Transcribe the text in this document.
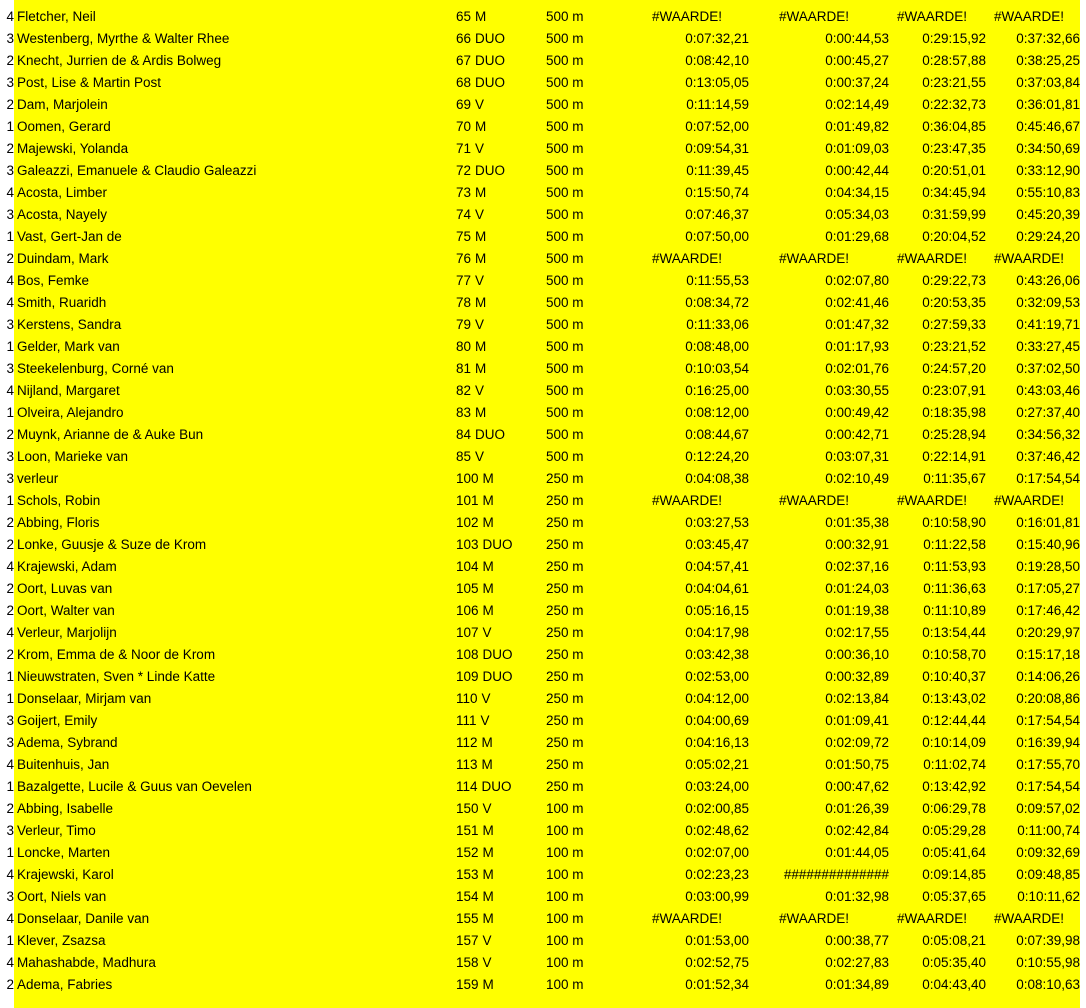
4 Fletcher, Neil	65 M	500 m	#WAARDE!	#WAARDE!	#WAARDE!	#WAARDE!
3 Westenberg, Myrthe & Walter Rhee	66 DUO	500 m	0:07:32,21	0:00:44,53	0:29:15,92	0:37:32,66
2 Knecht, Jurrien de & Ardis Bolweg	67 DUO	500 m	0:08:42,10	0:00:45,27	0:28:57,88	0:38:25,25
3 Post, Lise & Martin Post	68 DUO	500 m	0:13:05,05	0:00:37,24	0:23:21,55	0:37:03,84
2 Dam, Marjolein	69 V	500 m	0:11:14,59	0:02:14,49	0:22:32,73	0:36:01,81
1 Oomen, Gerard	70 M	500 m	0:07:52,00	0:01:49,82	0:36:04,85	0:45:46,67
2 Majewski, Yolanda	71 V	500 m	0:09:54,31	0:01:09,03	0:23:47,35	0:34:50,69
3 Galeazzi, Emanuele & Claudio Galeazzi	72 DUO	500 m	0:11:39,45	0:00:42,44	0:20:51,01	0:33:12,90
4 Acosta, Limber	73 M	500 m	0:15:50,74	0:04:34,15	0:34:45,94	0:55:10,83
3 Acosta, Nayely	74 V	500 m	0:07:46,37	0:05:34,03	0:31:59,99	0:45:20,39
1 Vast, Gert-Jan de	75 M	500 m	0:07:50,00	0:01:29,68	0:20:04,52	0:29:24,20
2 Duindam, Mark	76 M	500 m	#WAARDE!	#WAARDE!	#WAARDE!	#WAARDE!
4 Bos, Femke	77 V	500 m	0:11:55,53	0:02:07,80	0:29:22,73	0:43:26,06
4 Smith, Ruaridh	78 M	500 m	0:08:34,72	0:02:41,46	0:20:53,35	0:32:09,53
3 Kerstens, Sandra	79 V	500 m	0:11:33,06	0:01:47,32	0:27:59,33	0:41:19,71
1 Gelder, Mark van	80 M	500 m	0:08:48,00	0:01:17,93	0:23:21,52	0:33:27,45
3 Steekelenburg, Corné van	81 M	500 m	0:10:03,54	0:02:01,76	0:24:57,20	0:37:02,50
4 Nijland, Margaret	82 V	500 m	0:16:25,00	0:03:30,55	0:23:07,91	0:43:03,46
1 Olveira, Alejandro	83 M	500 m	0:08:12,00	0:00:49,42	0:18:35,98	0:27:37,40
2 Muynk, Arianne de & Auke Bun	84 DUO	500 m	0:08:44,67	0:00:42,71	0:25:28,94	0:34:56,32
3 Loon, Marieke van	85 V	500 m	0:12:24,20	0:03:07,31	0:22:14,91	0:37:46,42
3 verleur	100 M	250 m	0:04:08,38	0:02:10,49	0:11:35,67	0:17:54,54
1 Schols, Robin	101 M	250 m	#WAARDE!	#WAARDE!	#WAARDE!	#WAARDE!
2 Abbing, Floris	102 M	250 m	0:03:27,53	0:01:35,38	0:10:58,90	0:16:01,81
2 Lonke, Guusje & Suze de Krom	103 DUO	250 m	0:03:45,47	0:00:32,91	0:11:22,58	0:15:40,96
4 Krajewski, Adam	104 M	250 m	0:04:57,41	0:02:37,16	0:11:53,93	0:19:28,50
2 Oort, Luvas van	105 M	250 m	0:04:04,61	0:01:24,03	0:11:36,63	0:17:05,27
2 Oort, Walter van	106 M	250 m	0:05:16,15	0:01:19,38	0:11:10,89	0:17:46,42
4 Verleur, Marjolijn	107 V	250 m	0:04:17,98	0:02:17,55	0:13:54,44	0:20:29,97
2 Krom, Emma de & Noor de Krom	108 DUO	250 m	0:03:42,38	0:00:36,10	0:10:58,70	0:15:17,18
1 Nieuwstraten, Sven * Linde Katte	109 DUO	250 m	0:02:53,00	0:00:32,89	0:10:40,37	0:14:06,26
1 Donselaar, Mirjam van	110 V	250 m	0:04:12,00	0:02:13,84	0:13:43,02	0:20:08,86
3 Goijert, Emily	111 V	250 m	0:04:00,69	0:01:09,41	0:12:44,44	0:17:54,54
3 Adema, Sybrand	112 M	250 m	0:04:16,13	0:02:09,72	0:10:14,09	0:16:39,94
4 Buitenhuis, Jan	113 M	250 m	0:05:02,21	0:01:50,75	0:11:02,74	0:17:55,70
1 Bazalgette, Lucile & Guus van Oevelen	114 DUO	250 m	0:03:24,00	0:00:47,62	0:13:42,92	0:17:54,54
2 Abbing, Isabelle	150 V	100 m	0:02:00,85	0:01:26,39	0:06:29,78	0:09:57,02
3 Verleur, Timo	151 M	100 m	0:02:48,62	0:02:42,84	0:05:29,28	0:11:00,74
1 Loncke, Marten	152 M	100 m	0:02:07,00	0:01:44,05	0:05:41,64	0:09:32,69
4 Krajewski, Karol	153 M	100 m	0:02:23,23	##############	0:09:14,85	0:09:48,85
3 Oort, Niels van	154 M	100 m	0:03:00,99	0:01:32,98	0:05:37,65	0:10:11,62
4 Donselaar, Danile van	155 M	100 m	#WAARDE!	#WAARDE!	#WAARDE!	#WAARDE!
1 Klever, Zsazsa	157 V	100 m	0:01:53,00	0:00:38,77	0:05:08,21	0:07:39,98
4 Mahashabde, Madhura	158 V	100 m	0:02:52,75	0:02:27,83	0:05:35,40	0:10:55,98
2 Adema, Fabries	159 M	100 m	0:01:52,34	0:01:34,89	0:04:43,40	0:08:10,63
